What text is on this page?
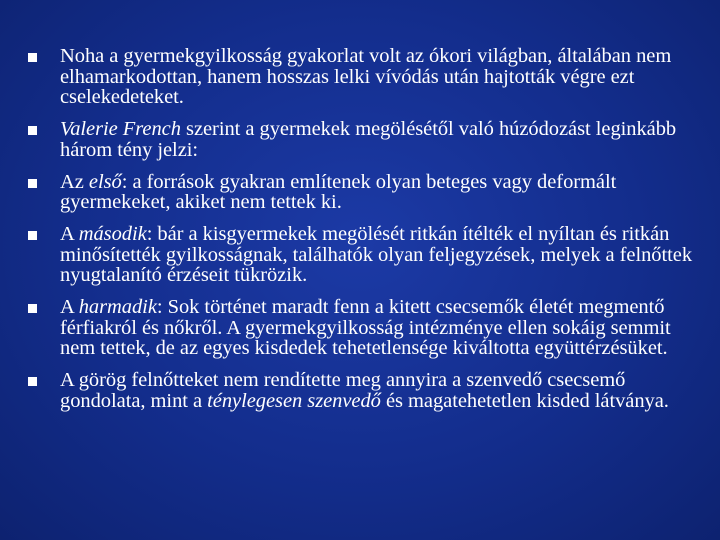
Noha a gyermekgyilkosság gyakorlat volt az ókori világban, általában nem elhamarkodottan, hanem hosszas lelki vívódás után hajtották végre ezt cselekedeteket.
Valerie French szerint a gyermekek megölésétől való húzódozást leginkább három tény jelzi:
Az első: a források gyakran említenek olyan beteges vagy deformált gyermekeket, akiket nem tettek ki.
A második: bár a kisgyermekek megölését ritkán ítélték el nyíltan és ritkán minősítették gyilkosságnak, találhatók olyan feljegyzések, melyek a felnőttek nyugtalanító érzéseit tükrözik.
A harmadik: Sok történet maradt fenn a kitett csecsemők életét megmentő férfiakról és nőkről. A gyermekgyilkosság intézménye ellen sokáig semmit nem tettek, de az egyes kisdedek tehetetlensége kiváltotta együttérzésüket.
A görög felnőtteket nem rendítette meg annyira a szenvedő csecsemő gondolata, mint a ténylegesen szenvedő és magatehetetlen kisded látványa.
